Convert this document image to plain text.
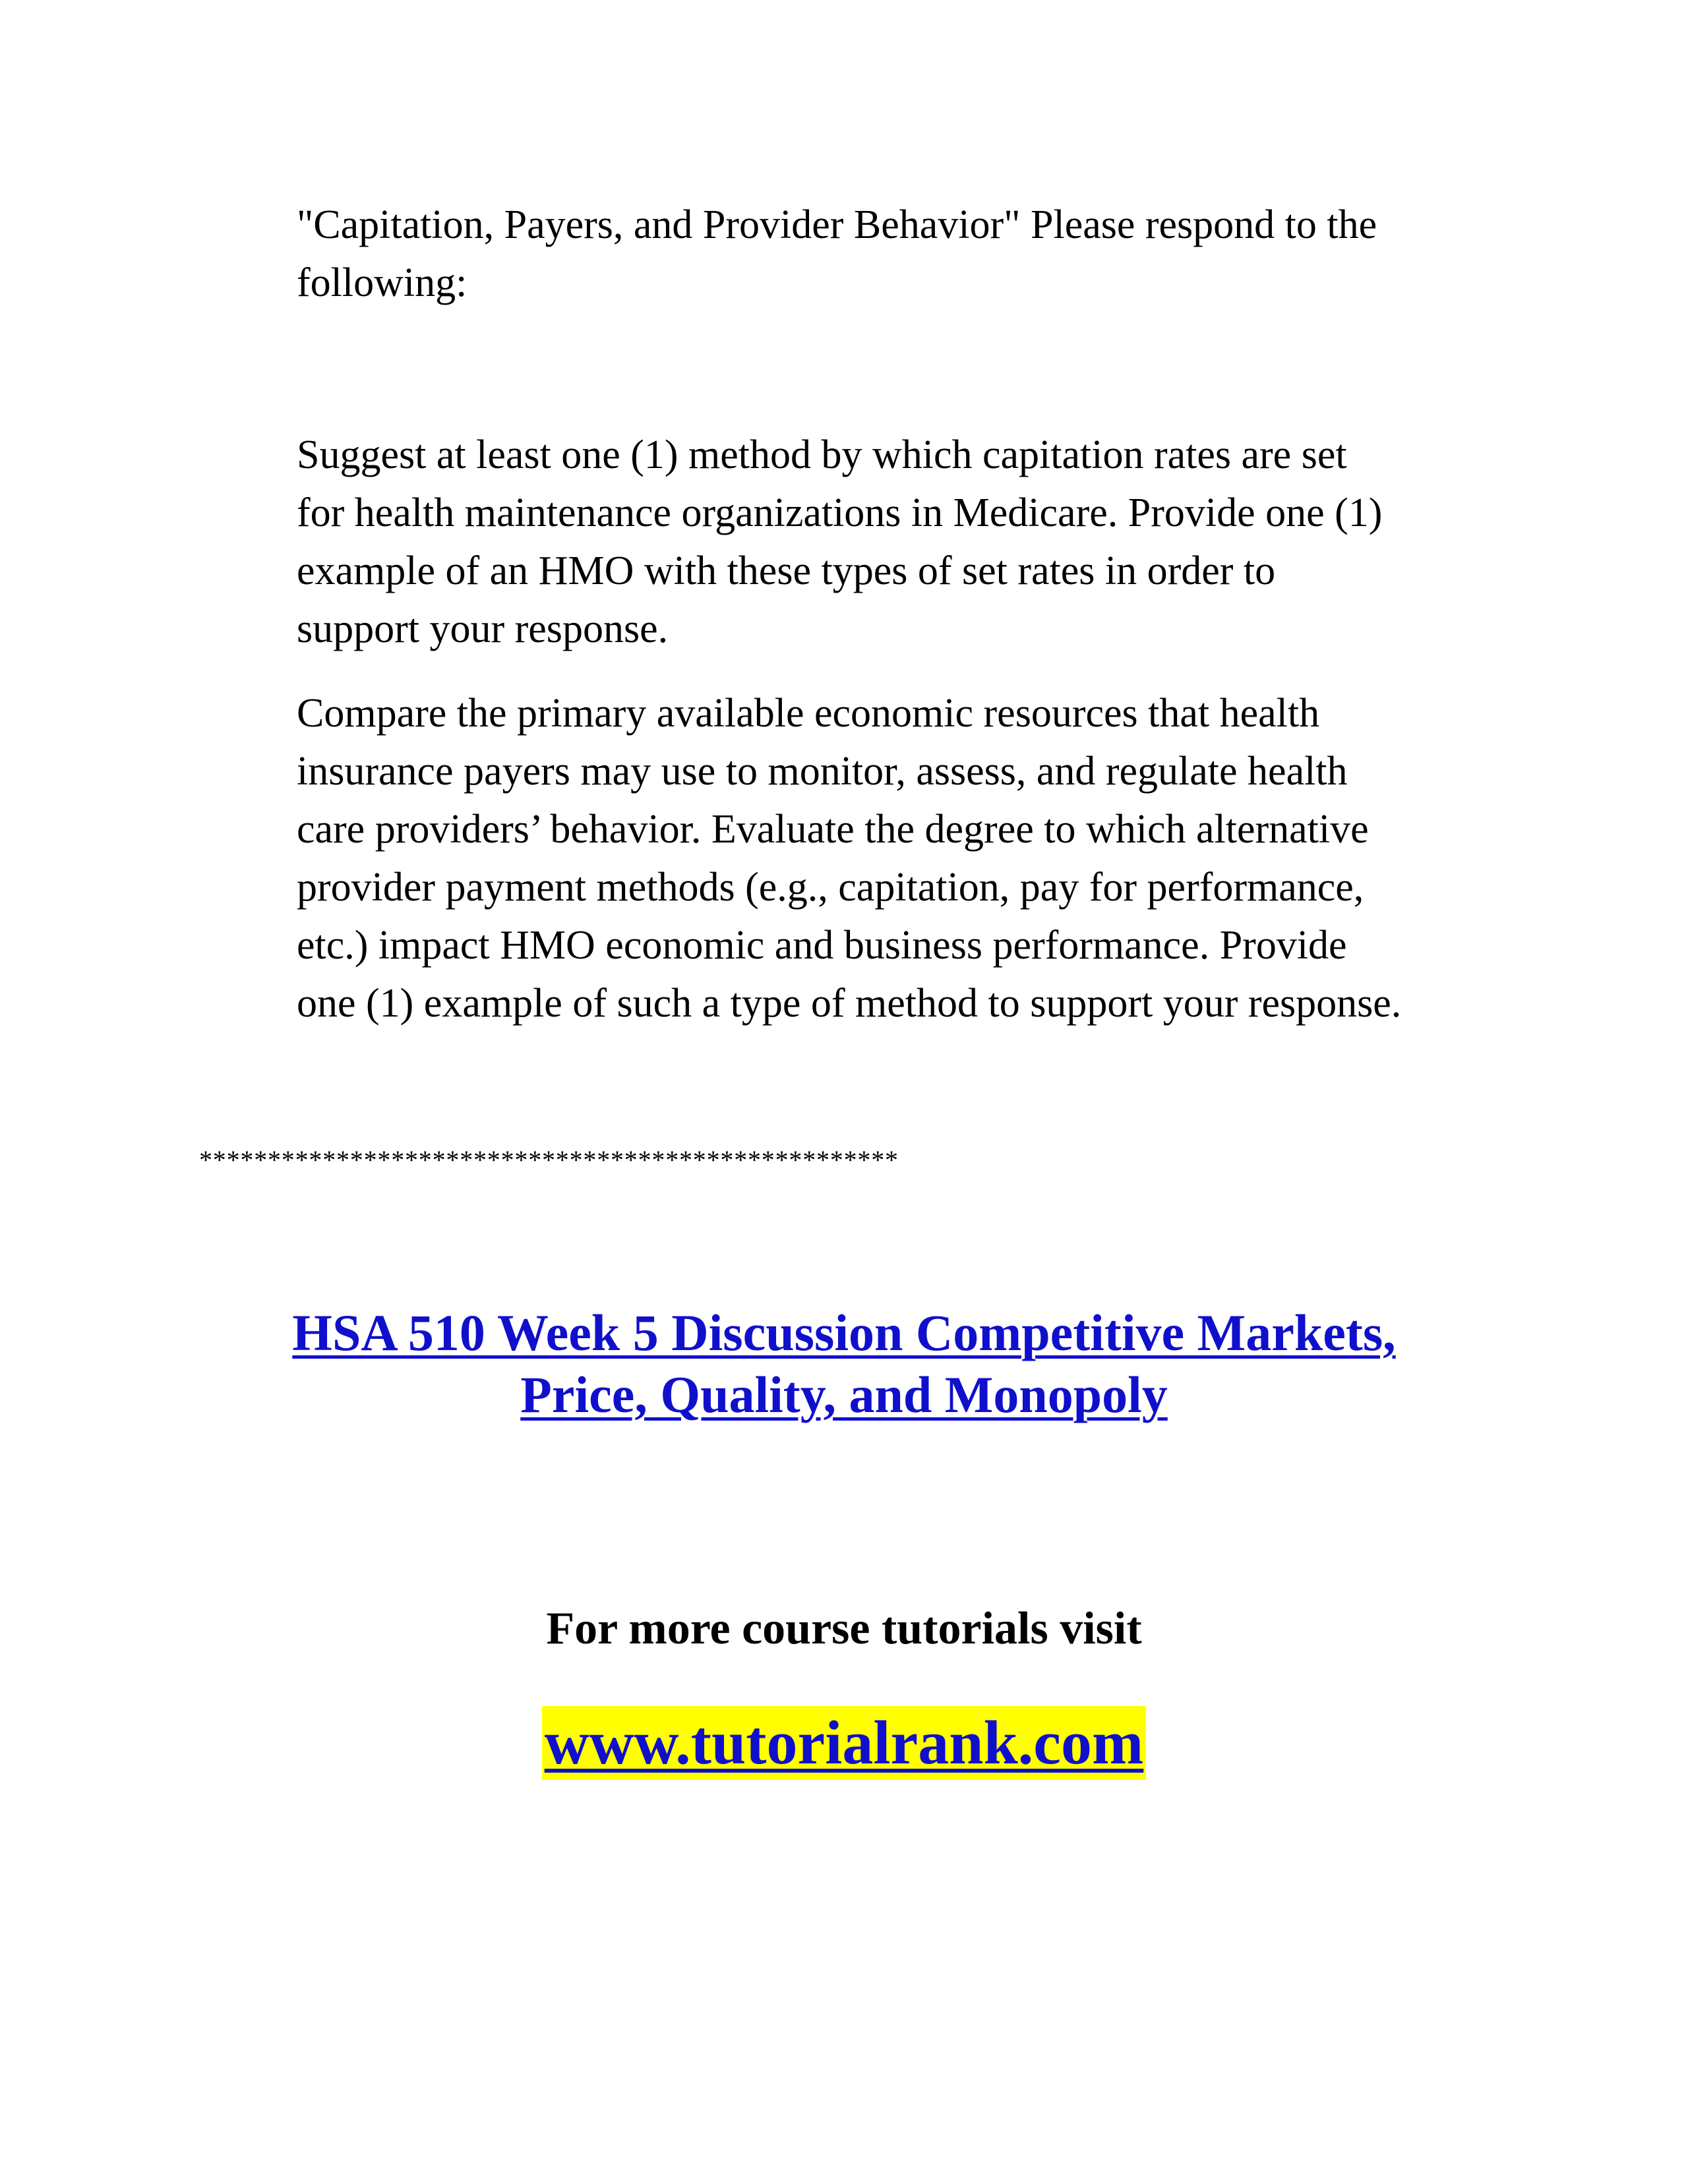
"Capitation, Payers, and Provider Behavior" Please respond to the
following:

Suggest at least one (1) method by which capitation rates are set
for health maintenance organizations in Medicare. Provide one (1)
example of an HMO with these types of set rates in order to
support your response.

Compare the primary available economic resources that health
insurance payers may use to monitor, assess, and regulate health
care providers’ behavior. Evaluate the degree to which alternative
provider payment methods (e.g., capitation, pay for performance,
etc.) impact HMO economic and business performance. Provide
one (1) example of such a type of method to support your response.

***************************************************

HSA 510 Week 5 Discussion Competitive Markets,
Price, Quality, and Monopoly

For more course tutorials visit

www.tutorialrank.com
